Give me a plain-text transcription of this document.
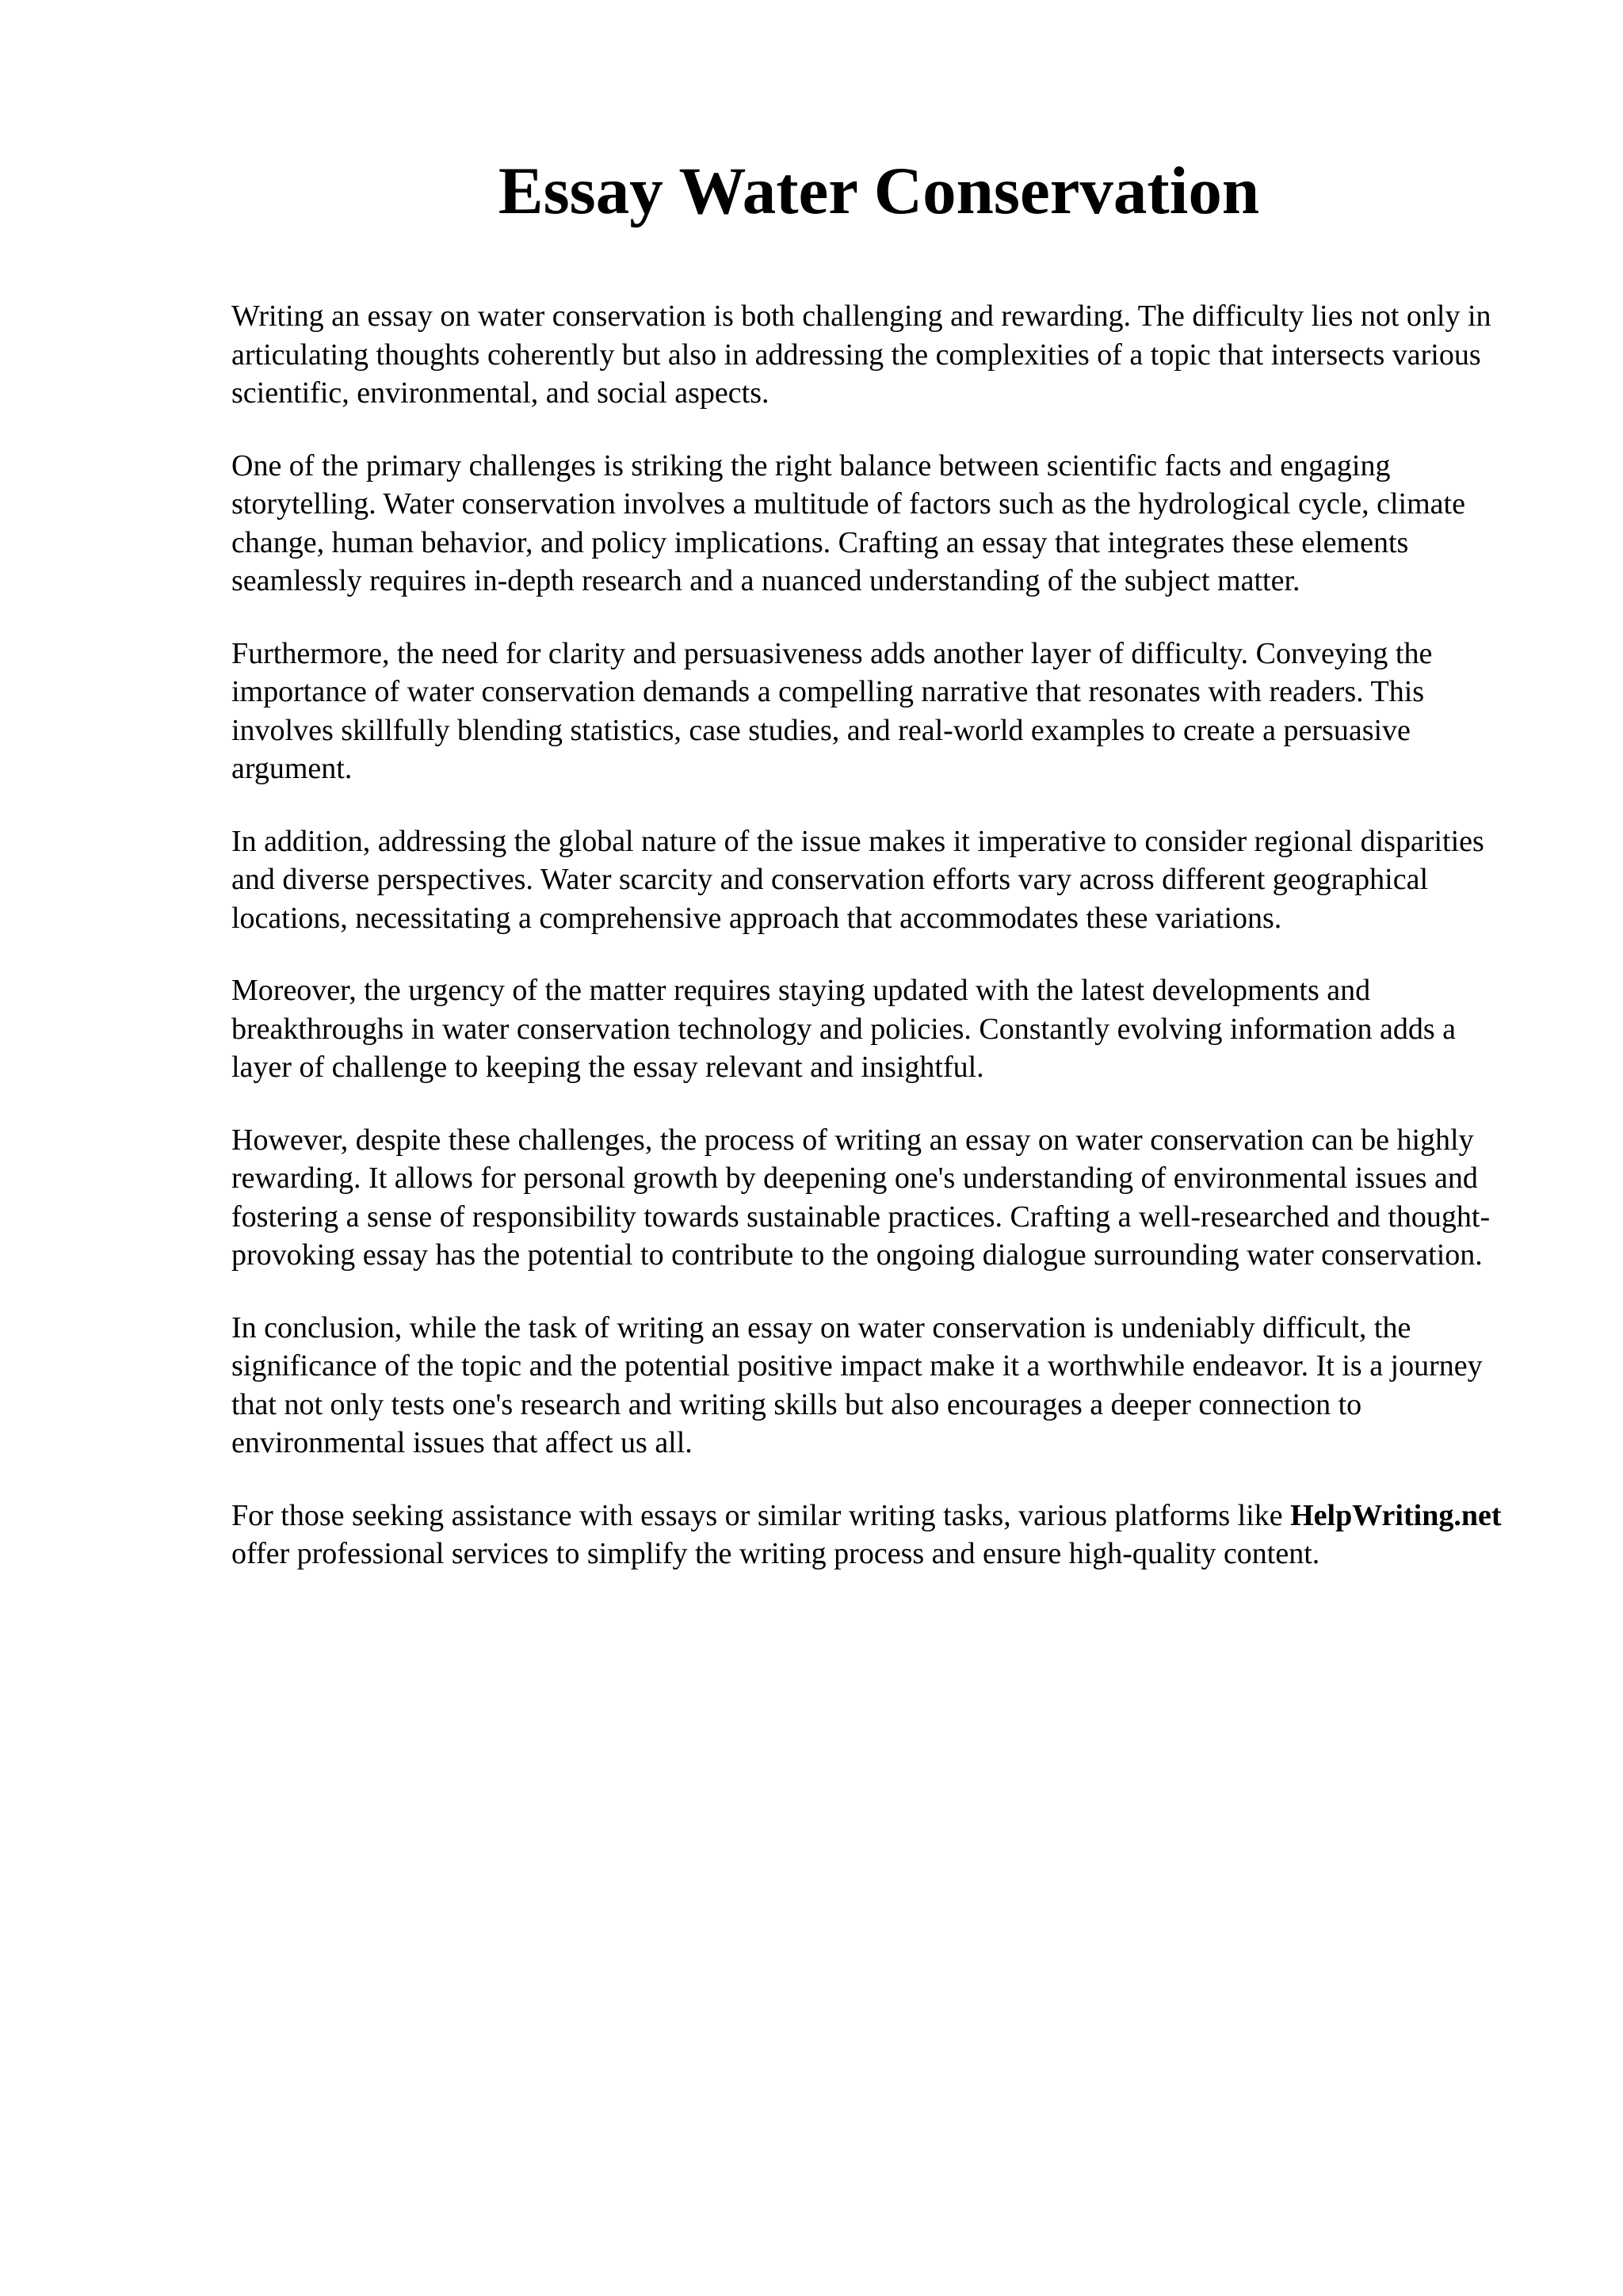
Essay Water Conservation

Writing an essay on water conservation is both challenging and rewarding. The difficulty lies not only in articulating thoughts coherently but also in addressing the complexities of a topic that intersects various scientific, environmental, and social aspects.

One of the primary challenges is striking the right balance between scientific facts and engaging storytelling. Water conservation involves a multitude of factors such as the hydrological cycle, climate change, human behavior, and policy implications. Crafting an essay that integrates these elements seamlessly requires in-depth research and a nuanced understanding of the subject matter.

Furthermore, the need for clarity and persuasiveness adds another layer of difficulty. Conveying the importance of water conservation demands a compelling narrative that resonates with readers. This involves skillfully blending statistics, case studies, and real-world examples to create a persuasive argument.

In addition, addressing the global nature of the issue makes it imperative to consider regional disparities and diverse perspectives. Water scarcity and conservation efforts vary across different geographical locations, necessitating a comprehensive approach that accommodates these variations.

Moreover, the urgency of the matter requires staying updated with the latest developments and breakthroughs in water conservation technology and policies. Constantly evolving information adds a layer of challenge to keeping the essay relevant and insightful.

However, despite these challenges, the process of writing an essay on water conservation can be highly rewarding. It allows for personal growth by deepening one's understanding of environmental issues and fostering a sense of responsibility towards sustainable practices. Crafting a well-researched and thought-provoking essay has the potential to contribute to the ongoing dialogue surrounding water conservation.

In conclusion, while the task of writing an essay on water conservation is undeniably difficult, the significance of the topic and the potential positive impact make it a worthwhile endeavor. It is a journey that not only tests one's research and writing skills but also encourages a deeper connection to environmental issues that affect us all.

For those seeking assistance with essays or similar writing tasks, various platforms like HelpWriting.net offer professional services to simplify the writing process and ensure high-quality content.
